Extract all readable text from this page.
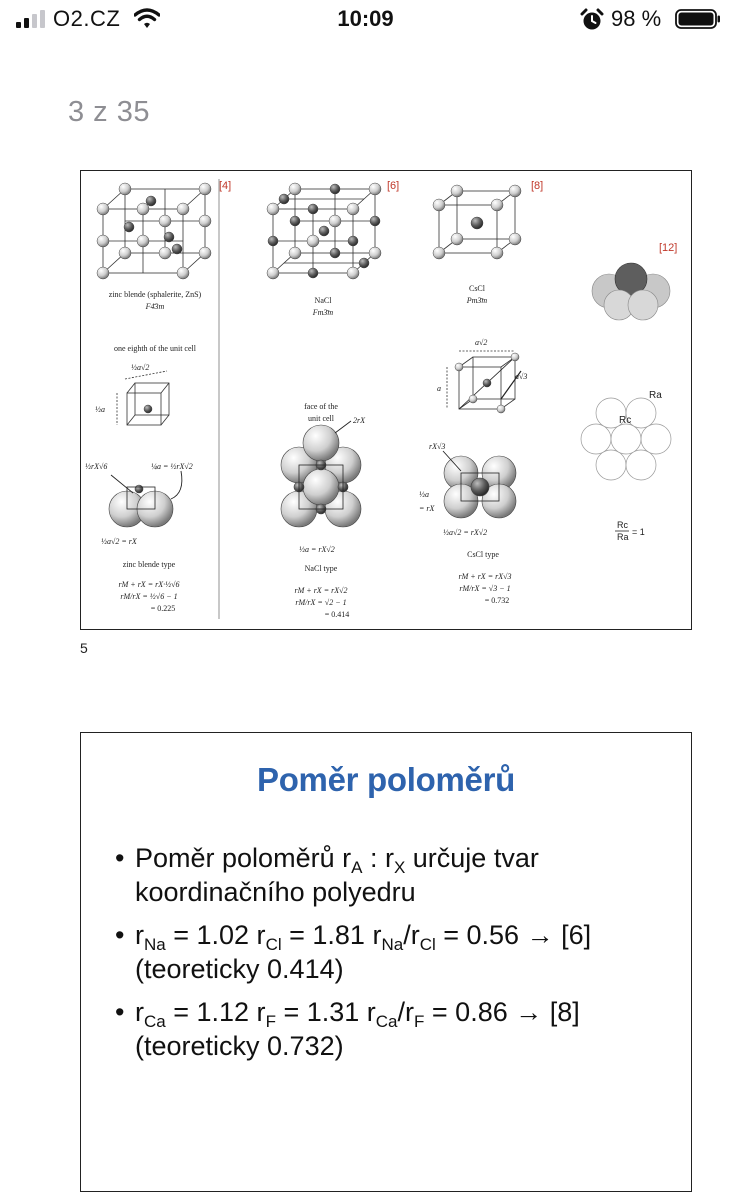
O2.CZ	10:09	98 %
3 z 35
[4]	[6]	[8]
[12]
zinc blende (sphalerite, ZnS)
F4̄3m
one eighth of the unit cell
½a√2
½a
½rX√6	¼a = ½rX√2
½a√2 = rX
zinc blende type
rM + rX = rX·½√6
rM/rX = ½√6 − 1
= 0.225
NaCl
Fm3̄m
face of the
unit cell 2rX
½a = rX√2
NaCl type
rM + rX = rX√2
rM/rX = √2 − 1
= 0.414
CsCl
Pm3̄m
a√2
a
a√3
rX√3
½a
= rX
½a√2 = rX√2
CsCl type
rM + rX = rX√3
rM/rX = √3 − 1
= 0.732
Ra
Rc
Rc
Ra = 1
5
Poměr poloměrů
• Poměr poloměrů $r_A$ : $r_X$ určuje tvar koordinačního polyedru
• $r_{Na} = 1.02$ $r_{Cl} = 1.81$ $r_{Na}/r_{Cl} = 0.56 \to [6]$ (teoreticky 0.414)
• $r_{Ca} = 1.12$ $r_F = 1.31$ $r_{Ca}/r_F = 0.86 \to [8]$ (teoreticky 0.732)
